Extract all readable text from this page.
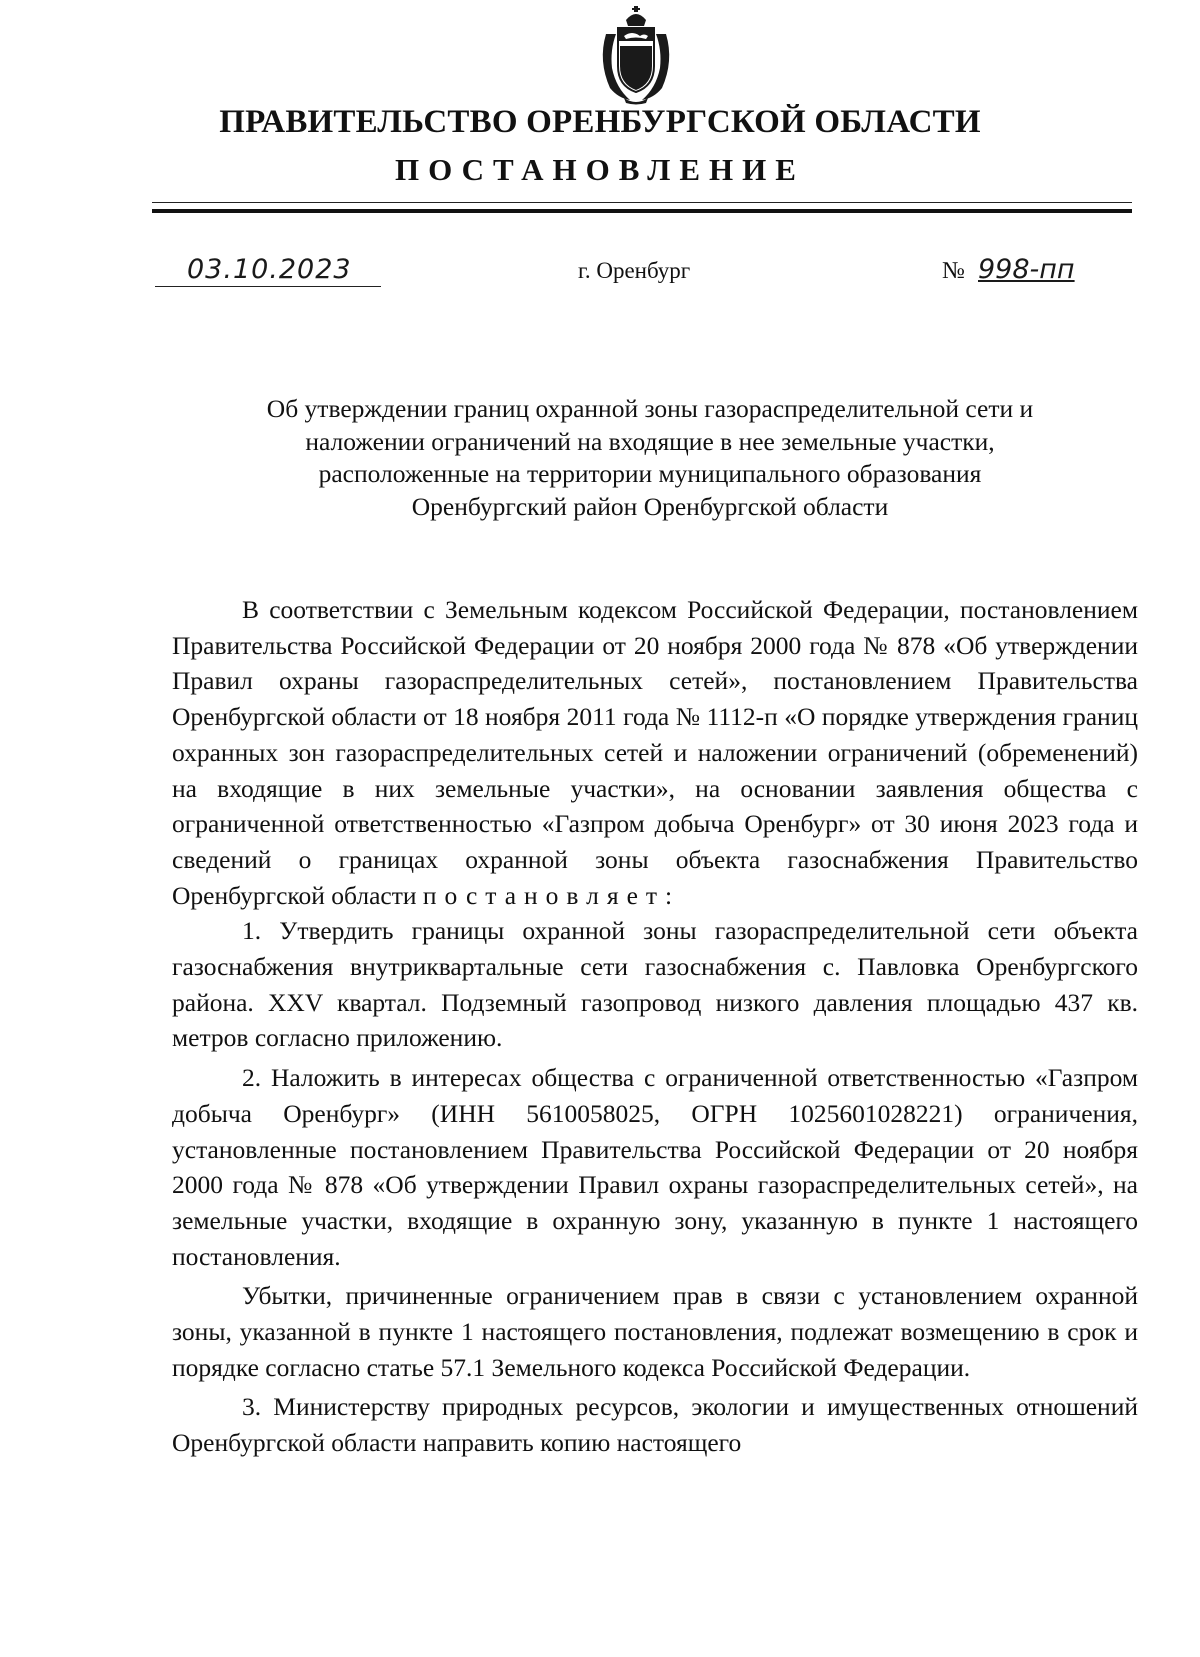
ПРАВИТЕЛЬСТВО ОРЕНБУРГСКОЙ ОБЛАСТИ
ПОСТАНОВЛЕНИЕ
03.10.2023	г. Оренбург	№ 998-пп
Об утверждении границ охранной зоны газораспределительной сети и
наложении ограничений на входящие в нее земельные участки,
расположенные на территории муниципального образования
Оренбургский район Оренбургской области

В соответствии с Земельным кодексом Российской Федерации, постановлением Правительства Российской Федерации от 20 ноября 2000 года № 878 «Об утверждении Правил охраны газораспределительных сетей», постановлением Правительства Оренбургской области от 18 ноября 2011 года № 1112-п «О порядке утверждения границ охранных зон газораспределительных сетей и наложении ограничений (обременений) на входящие в них земельные участки», на основании заявления общества с ограниченной ответственностью «Газпром добыча Оренбург» от 30 июня 2023 года и сведений о границах охранной зоны объекта газоснабжения Правительство Оренбургской области постановляет:

1. Утвердить границы охранной зоны газораспределительной сети объекта газоснабжения внутриквартальные сети газоснабжения с. Павловка Оренбургского района. XXV квартал. Подземный газопровод низкого давления площадью 437 кв. метров согласно приложению.

2. Наложить в интересах общества с ограниченной ответственностью «Газпром добыча Оренбург» (ИНН 5610058025, ОГРН 1025601028221) ограничения, установленные постановлением Правительства Российской Федерации от 20 ноября 2000 года № 878 «Об утверждении Правил охраны газораспределительных сетей», на земельные участки, входящие в охранную зону, указанную в пункте 1 настоящего постановления.

Убытки, причиненные ограничением прав в связи с установлением охранной зоны, указанной в пункте 1 настоящего постановления, подлежат возмещению в срок и порядке согласно статье 57.1 Земельного кодекса Российской Федерации.

3. Министерству природных ресурсов, экологии и имущественных отношений Оренбургской области направить копию настоящего
